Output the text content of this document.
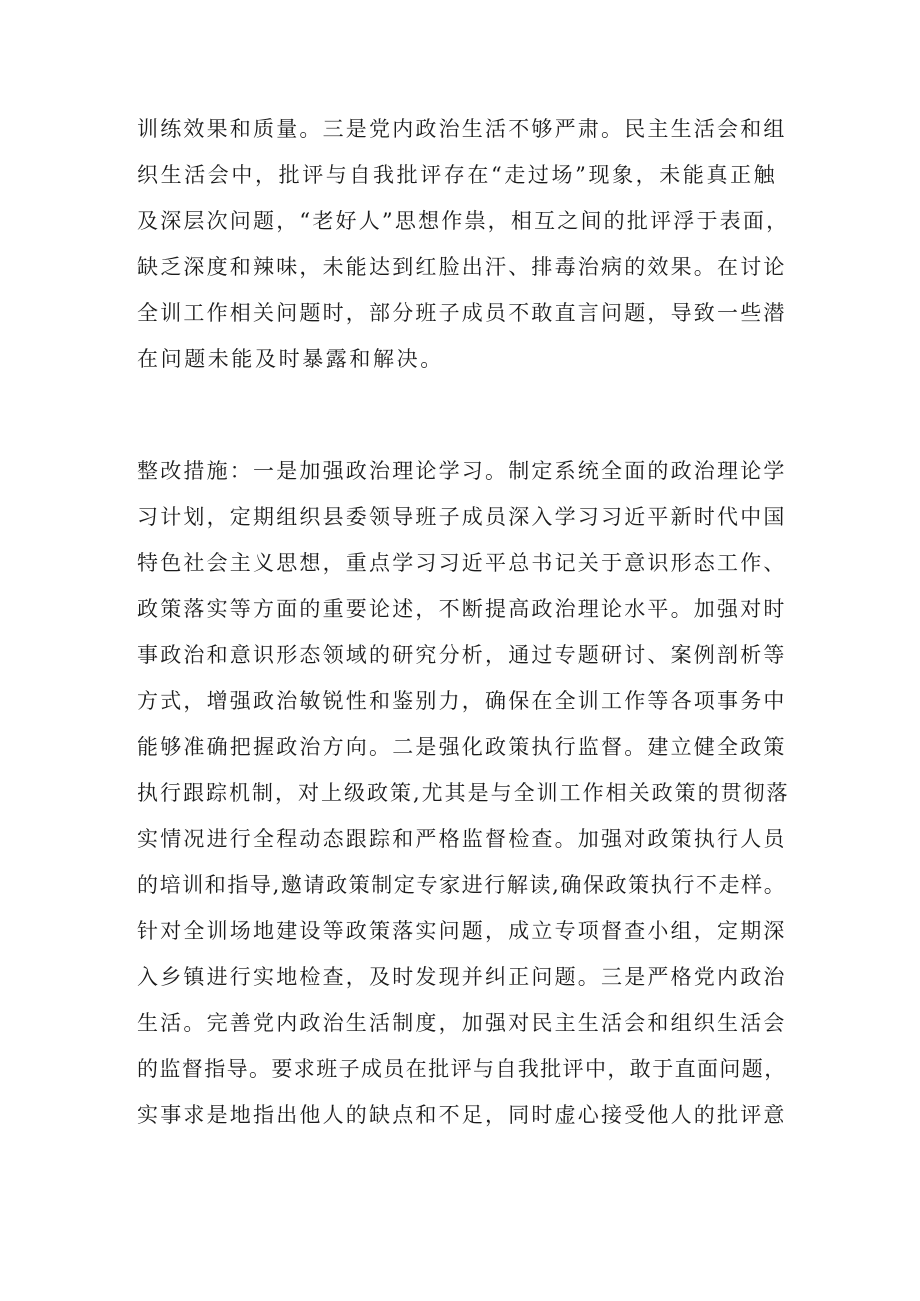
训练效果和质量。三是党内政治生活不够严肃。民主生活会和组
织生活会中，批评与自我批评存在“走过场”现象，未能真正触
及深层次问题，“老好人”思想作祟，相互之间的批评浮于表面，
缺乏深度和辣味，未能达到红脸出汗、排毒治病的效果。在讨论
全训工作相关问题时，部分班子成员不敢直言问题，导致一些潜
在问题未能及时暴露和解决。
整改措施：一是加强政治理论学习。制定系统全面的政治理论学
习计划，定期组织县委领导班子成员深入学习习近平新时代中国
特色社会主义思想，重点学习习近平总书记关于意识形态工作、
政策落实等方面的重要论述，不断提高政治理论水平。加强对时
事政治和意识形态领域的研究分析，通过专题研讨、案例剖析等
方式，增强政治敏锐性和鉴别力，确保在全训工作等各项事务中
能够准确把握政治方向。二是强化政策执行监督。建立健全政策
执行跟踪机制，对上级政策,尤其是与全训工作相关政策的贯彻落
实情况进行全程动态跟踪和严格监督检查。加强对政策执行人员
的培训和指导,邀请政策制定专家进行解读,确保政策执行不走样。
针对全训场地建设等政策落实问题，成立专项督查小组，定期深
入乡镇进行实地检查，及时发现并纠正问题。三是严格党内政治
生活。完善党内政治生活制度，加强对民主生活会和组织生活会
的监督指导。要求班子成员在批评与自我批评中，敢于直面问题，
实事求是地指出他人的缺点和不足，同时虚心接受他人的批评意
